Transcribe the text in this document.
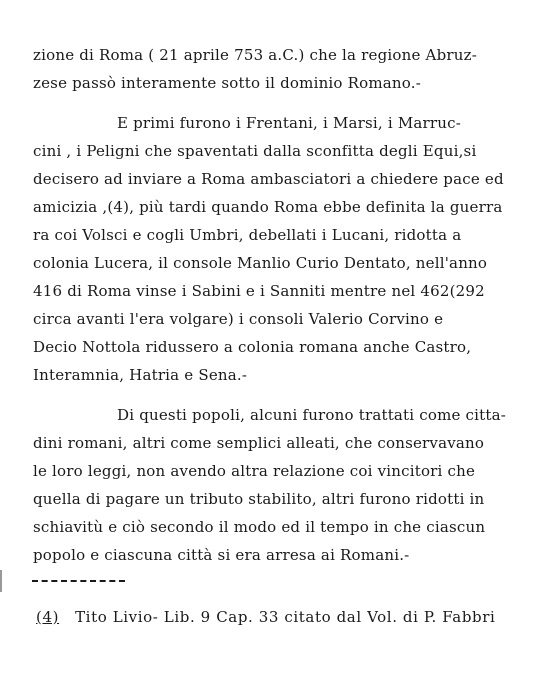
zione di Roma ( 21 aprile 753 a.C.) che la regione Abruz-
zese passò interamente sotto il dominio Romano.-
E primi furono i Frentani, i Marsi, i Marruc-
cini , i Peligni che spaventati dalla sconfitta degli Equi,si
decisero ad inviare a Roma ambasciatori a chiedere pace ed
amicizia ,(4), più tardi quando Roma ebbe definita la guerra
ra coi Volsci e cogli Umbri, debellati i Lucani, ridotta a
colonia Lucera, il console Manlio Curio Dentato, nell'anno
416 di Roma vinse i Sabini e i Sanniti mentre nel 462(292
circa avanti l'era volgare) i consoli Valerio Corvino e
Decio Nottola ridussero a colonia romana anche Castro,
Interamnia, Hatria e Sena.-
Di questi popoli, alcuni furono trattati come citta-
dini romani, altri come semplici alleati, che conservavano
le loro leggi, non avendo altra relazione coi vincitori che
quella di pagare un tributo stabilito, altri furono ridotti in
schiavitù e ciò secondo il modo ed il tempo in che ciascun
popolo e ciascuna città si era arresa ai Romani.-
(4) Tito Livio- Lib. 9 Cap. 33 citato dal Vol. di P. Fabbri
